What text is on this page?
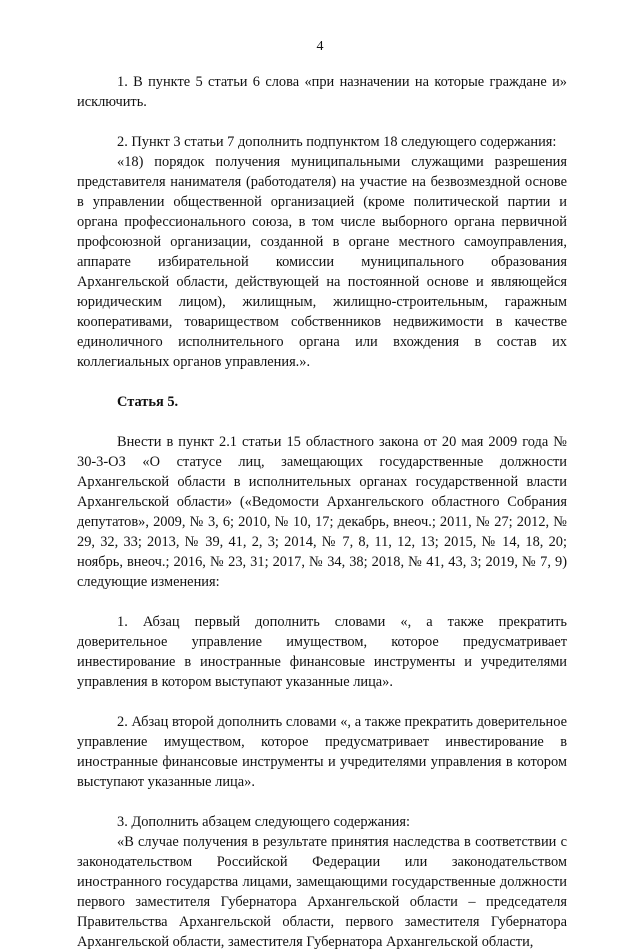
4

1. В пункте 5 статьи 6 слова «при назначении на которые граждане и» исключить.

2. Пункт 3 статьи 7 дополнить подпунктом 18 следующего содержания:

«18) порядок получения муниципальными служащими разрешения представителя нанимателя (работодателя) на участие на безвозмездной основе в управлении общественной организацией (кроме политической партии и органа профессионального союза, в том числе выборного органа первичной профсоюзной организации, созданной в органе местного самоуправления, аппарате избирательной комиссии муниципального образования Архангельской области, действующей на постоянной основе и являющейся юридическим лицом), жилищным, жилищно-строительным, гаражным кооперативами, товариществом собственников недвижимости в качестве единоличного исполнительного органа или вхождения в состав их коллегиальных органов управления.».

Статья 5.

Внести в пункт 2.1 статьи 15 областного закона от 20 мая 2009 года № 30-3-ОЗ «О статусе лиц, замещающих государственные должности Архангельской области в исполнительных органах государственной власти Архангельской области» («Ведомости Архангельского областного Собрания депутатов», 2009, № 3, 6; 2010, № 10, 17; декабрь, внеоч.; 2011, № 27; 2012, № 29, 32, 33; 2013, № 39, 41, 2, 3; 2014, № 7, 8, 11, 12, 13; 2015, № 14, 18, 20; ноябрь, внеоч.; 2016, № 23, 31; 2017, № 34, 38; 2018, № 41, 43, 3; 2019, № 7, 9) следующие изменения:

1. Абзац первый дополнить словами «, а также прекратить доверительное управление имуществом, которое предусматривает инвестирование в иностранные финансовые инструменты и учредителями управления в котором выступают указанные лица».

2. Абзац второй дополнить словами «, а также прекратить доверительное управление имуществом, которое предусматривает инвестирование в иностранные финансовые инструменты и учредителями управления в котором выступают указанные лица».

3. Дополнить абзацем следующего содержания:

«В случае получения в результате принятия наследства в соответствии с законодательством Российской Федерации или законодательством иностранного государства лицами, замещающими государственные должности первого заместителя Губернатора Архангельской области – председателя Правительства Архангельской области, первого заместителя Губернатора Архангельской области, заместителя Губернатора Архангельской области,
